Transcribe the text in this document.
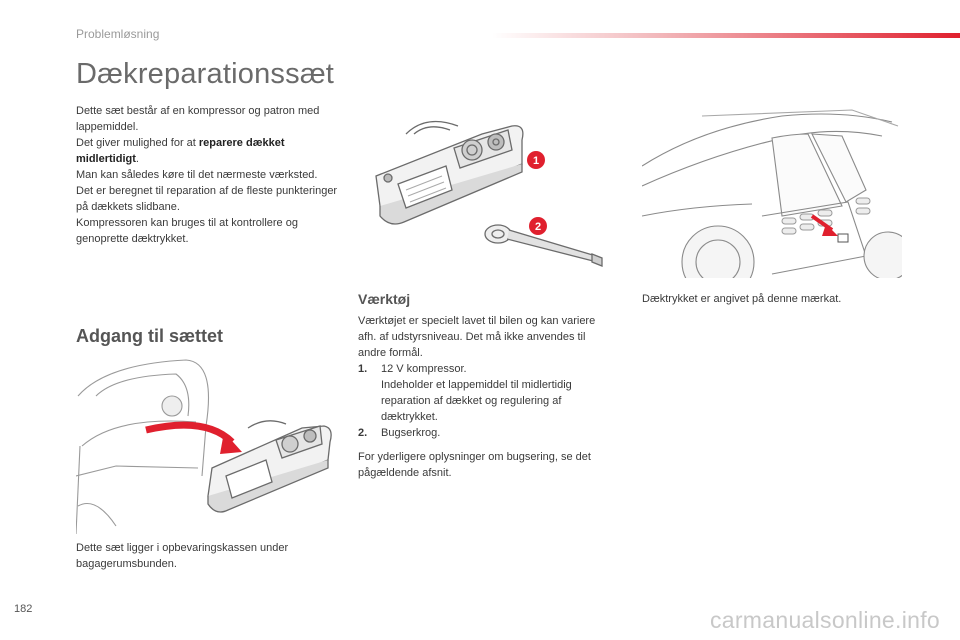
Problemløsning
Dækreparationssæt

Dette sæt består af en kompressor og patron med lappemiddel.

Det giver mulighed for at reparere dækket midlertidigt.

Man kan således køre til det nærmeste værksted.

Det er beregnet til reparation af de fleste punkteringer på dækkets slidbane.

Kompressoren kan bruges til at kontrollere og genoprette dæktrykket.

1
2
Adgang til sættet
Dette sæt ligger i opbevaringskassen under bagagerumsbunden.
Værktøj

Værktøjet er specielt lavet til bilen og kan variere afh. af udstyrsniveau. Det må ikke anvendes til andre formål.

1.	12 V kompressor.
Indeholder et lappemiddel til midlertidig reparation af dækket og regulering af dæktrykket.
2.	Bugserkrog.

For yderligere oplysninger om bugsering, se det pågældende afsnit.

Dæktrykket er angivet på denne mærkat.
182	carmanualsonline.info
